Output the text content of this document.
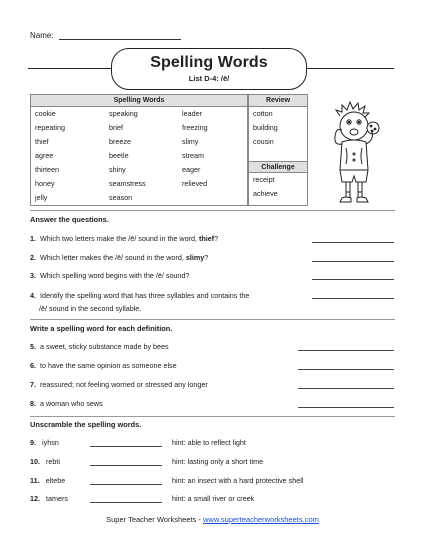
Name:
Spelling Words
List D-4: /ē/
Spelling Words
cookie	speaking	leader
repeating	brief	freezing
thief	breeze	slimy
agree	beetle	stream
thirteen	shiny	eager
honey	seamstress	relieved
jelly	season
Review
cotton
building
cousin
Challenge
receipt
achieve
Answer the questions.
1. Which two letters make the /ē/ sound in the word, thief?
2. Which letter makes the /ē/ sound in the word, slimy?
3. Which spelling word begins with the /ē/ sound?
4. Identify the spelling word that has three syllables and contains the
/ē/ sound in the second syllable.
Write a spelling word for each definition.
5. a sweet, sticky substance made by bees
6. to have the same opinion as someone else
7. reassured; not feeling worried or stressed any longer
8. a woman who sews
Unscramble the spelling words.
9. iyhsn	hint: able to reflect light
10. rebti	hint: lasting only a short time
11. eltebe	hint: an insect with a hard protective shell
12. tamers	hint: a small river or creek
Super Teacher Worksheets - www.superteacherworksheets.com
